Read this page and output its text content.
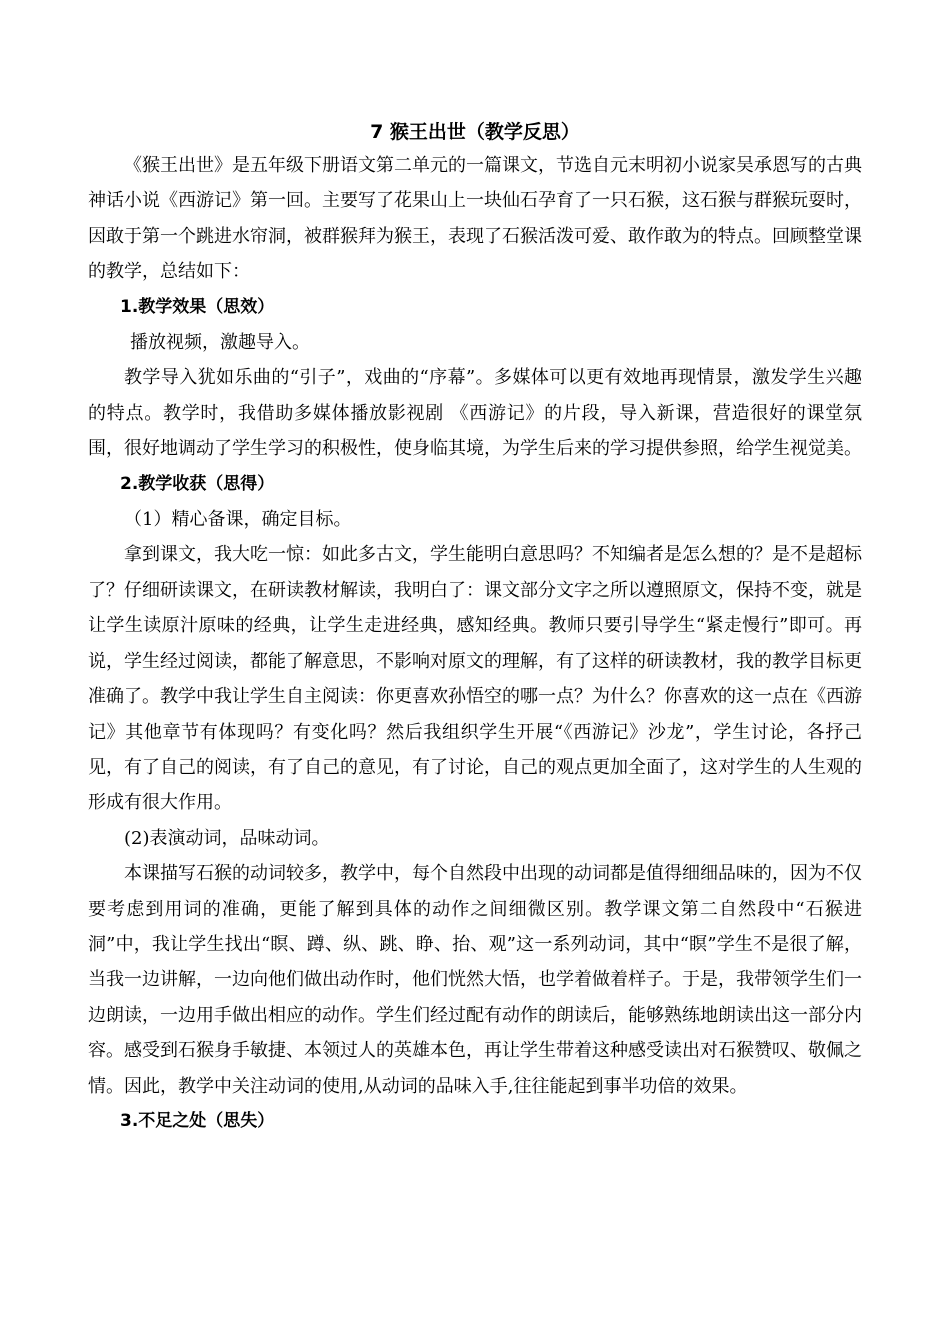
7 猴王出世（教学反思）

《猴王出世》是五年级下册语文第二单元的一篇课文，节选自元末明初小说家吴承恩写的古典神话小说《西游记》第一回。主要写了花果山上一块仙石孕育了一只石猴，这石猴与群猴玩耍时，因敢于第一个跳进水帘洞，被群猴拜为猴王，表现了石猴活泼可爱、敢作敢为的特点。回顾整堂课的教学，总结如下：

1.教学效果（思效）

播放视频，激趣导入。

教学导入犹如乐曲的“引子”，戏曲的“序幕”。多媒体可以更有效地再现情景，激发学生兴趣的特点。教学时，我借助多媒体播放影视剧 《西游记》的片段，导入新课，营造很好的课堂氛围，很好地调动了学生学习的积极性，使身临其境，为学生后来的学习提供参照，给学生视觉美。

2.教学收获（思得）

（1）精心备课，确定目标。

拿到课文，我大吃一惊：如此多古文，学生能明白意思吗？不知编者是怎么想的？是不是超标了？仔细研读课文，在研读教材解读，我明白了：课文部分文字之所以遵照原文，保持不变，就是让学生读原汁原味的经典，让学生走进经典，感知经典。教师只要引导学生“紧走慢行”即可。再说，学生经过阅读，都能了解意思，不影响对原文的理解，有了这样的研读教材，我的教学目标更准确了。教学中我让学生自主阅读：你更喜欢孙悟空的哪一点？为什么？你喜欢的这一点在《西游记》其他章节有体现吗？有变化吗？然后我组织学生开展“《西游记》沙龙”，学生讨论，各抒己见，有了自己的阅读，有了自己的意见，有了讨论，自己的观点更加全面了，这对学生的人生观的形成有很大作用。

(2)表演动词，品味动词。

本课描写石猴的动词较多，教学中，每个自然段中出现的动词都是值得细细品味的，因为不仅要考虑到用词的准确，更能了解到具体的动作之间细微区别。教学课文第二自然段中“石猴进洞”中，我让学生找出“瞑、蹲、纵、跳、睁、抬、观”这一系列动词，其中“瞑”学生不是很了解，当我一边讲解，一边向他们做出动作时，他们恍然大悟，也学着做着样子。于是，我带领学生们一边朗读，一边用手做出相应的动作。学生们经过配有动作的朗读后，能够熟练地朗读出这一部分内容。感受到石猴身手敏捷、本领过人的英雄本色，再让学生带着这种感受读出对石猴赞叹、敬佩之情。因此，教学中关注动词的使用,从动词的品味入手,往往能起到事半功倍的效果。

3.不足之处（思失）
